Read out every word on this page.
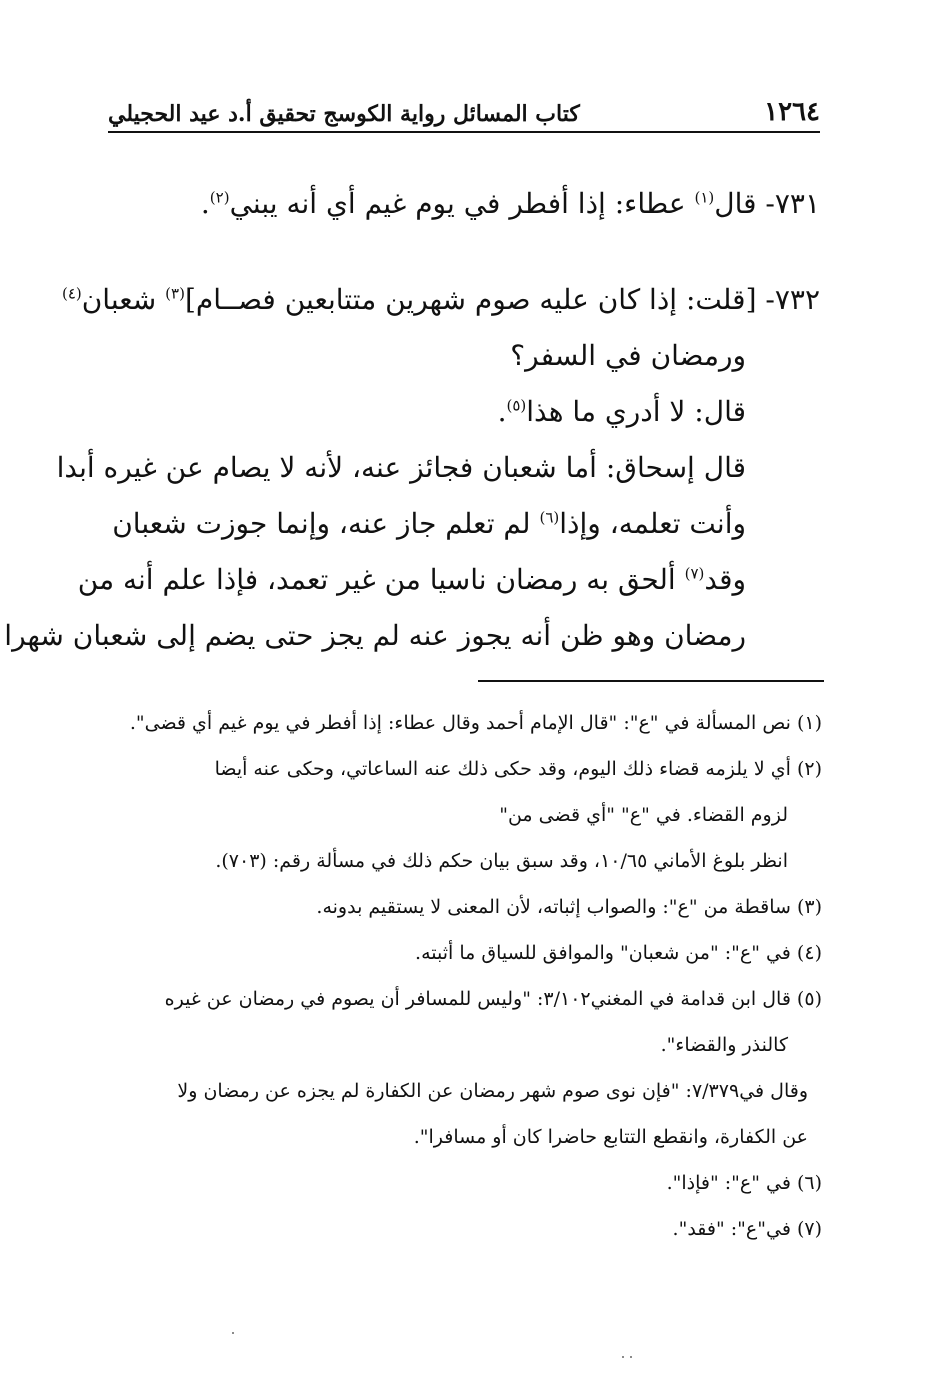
١٢٦٤
كتاب المسائل رواية الكوسج تحقيق أ.د عيد الحجيلي
٧٣١- قال$^{(١)}$ عطاء: إذا أفطر في يوم غيم أي أنه يبني$^{(٢)}$.
٧٣٢- [قلت: إذا كان عليه صوم شهرين متتابعين فصــام]$^{(٣)}$ شعبان$^{(٤)}$
ورمضان في السفر؟
قال: لا أدري ما هذا$^{(٥)}$.
قال إسحاق: أما شعبان فجائز عنه، لأنه لا يصام عن غيره أبدا
وأنت تعلمه، وإذا$^{(٦)}$ لم تعلم جاز عنه، وإنما جوزت شعبان
وقد$^{(٧)}$ ألحق به رمضان ناسيا من غير تعمد، فإذا علم أنه من
رمضان وهو ظن أنه يجوز عنه لم يجز حتى يضم إلى شعبان شهرا
(١) نص المسألة في "ع": "قال الإمام أحمد وقال عطاء: إذا أفطر في يوم غيم أي قضى".
(٢) أي لا يلزمه قضاء ذلك اليوم، وقد حكى ذلك عنه الساعاتي، وحكى عنه أيضا
لزوم القضاء. في "ع" "أي قضى من"
انظر بلوغ الأماني ١٠/٦٥، وقد سبق بيان حكم ذلك في مسألة رقم: (٧٠٣).
(٣) ساقطة من "ع": والصواب إثباته، لأن المعنى لا يستقيم بدونه.
(٤) في "ع": "من شعبان" والموافق للسياق ما أثبته.
(٥) قال ابن قدامة في المغني٣/١٠٢: "وليس للمسافر أن يصوم في رمضان عن غيره
كالنذر والقضاء".
وقال في٧/٣٧٩: "فإن نوى صوم شهر رمضان عن الكفارة لم يجزه عن رمضان ولا
عن الكفارة، وانقطع التتابع حاضرا كان أو مسافرا".
(٦) في "ع": "فإذا".
(٧) في"ع": "فقد".
